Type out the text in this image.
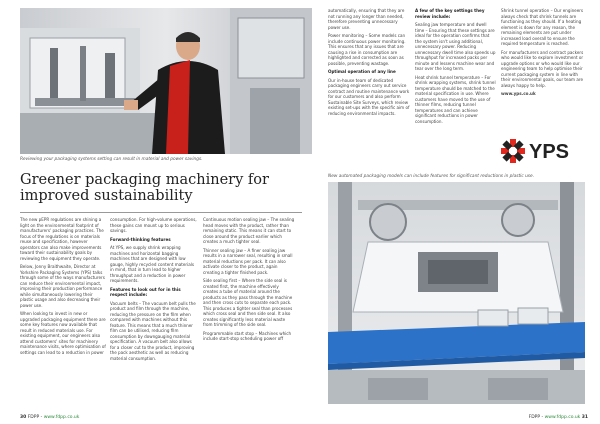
Reviewing your packaging systems setting can result in material and power savings.
Greener packaging machinery for improved sustainability

The new pEPR regulations are shining a light on the environmental footprint of manufacturers' packaging practices. The focus of the regulations is on materials reuse and specification, however operators can also make improvements toward their sustainability goals by reviewing the equipment they operate.

Below, Jonny Braithwaite, Director at Yorkshire Packaging Systems (YPS) talks through some of the ways manufacturers can reduce their environmental impact, improving their production performance while simultaneously lowering their plastic usage and also decreasing their power use.

When looking to invest in new or upgraded packaging equipment there are some key features now available that result in reduced materials use. For existing equipment, our engineers also attend customers' sites for machinery maintenance visits, where optimisation of settings can lead to a reduction in power

consumption. For high-volume operations, these gains can mount up to serious savings.

Forward-thinking features

At YPS, we supply shrink wrapping machines and horizontal bagging machines that are designed with low gauge, highly recycled content materials in mind, that in turn lead to higher throughput and a reduction in power requirements.

Features to look out for in this respect include:

Vacuum belts – The vacuum belt pulls the product and film through the machine, reducing the pressure on the film when compared with machines without this feature. This means that a much thinner film can be utilised, reducing film consumption by downgauging material specification. A vacuum belt also allows for a closer cut to the product, improving the pack aesthetic as well as reducing material consumption.

Continuous motion sealing jaw – The sealing head moves with the product, rather than remaining static. This means it can start to close around the product earlier which creates a much tighter seal.

Thinner sealing jaw – A finer sealing jaw results in a narrower seal, resulting in small material reductions per pack. It can also activate closer to the product, again creating a tighter finished pack.

Side sealing first – Where the side seal is created first, the machine effectively creates a tube of material around the products as they pass through the machine and then cross cuts to separate each pack. This produces a tighter seal than processes which cross seal and then side seal. It also creates significantly less material waste from trimming of the side seal.

Programmable start stop – Machines which include start-stop scheduling power off

30 FDPP - www.fdpp.co.uk

automatically, ensuring that they are not running any longer than needed, therefore preventing unnecessary power use.

Power monitoring – Some models can include continuous power monitoring. This ensures that any issues that are causing a rise in consumption are highlighted and corrected as soon as possible, preventing wastage.

Optimal operation of any line

Our in-house team of dedicated packaging engineers carry out service contract and routine maintenance work for our customers and also perform Sustainable Site Surveys, which review existing set-ups with the specific aim of reducing environmental impacts.

A few of the key settings they review include:

Sealing jaw temperature and dwell time – Ensuring that these settings are ideal for the operation confirms that the system isn't using additional, unnecessary power. Reducing unnecessary dwell time also speeds up throughput for increased packs per minute and lessens machine wear and tear over the long term.

Heat shrink tunnel temperature – For shrink wrapping systems, shrink tunnel temperature should be matched to the material specification in use. Where customers have moved to the use of thinner films, reducing tunnel temperatures and can achieve significant reductions in power consumption.

Shrink tunnel operation – Our engineers always check that shrink tunnels are functioning as they should. If a heating element is down for any reason, the remaining elements are put under increased load overall to ensure the required temperature is reached.

For manufacturers and contract packers who would like to explore investment or upgrade options or who would like our engineering team to help optimise their current packaging system in line with their environmental goals, our team are always happy to help.

www.yps.co.uk

YPS
New automated packaging models can include features for significant reductions in plastic use.
FDPP - www.fdpp.co.uk 31
